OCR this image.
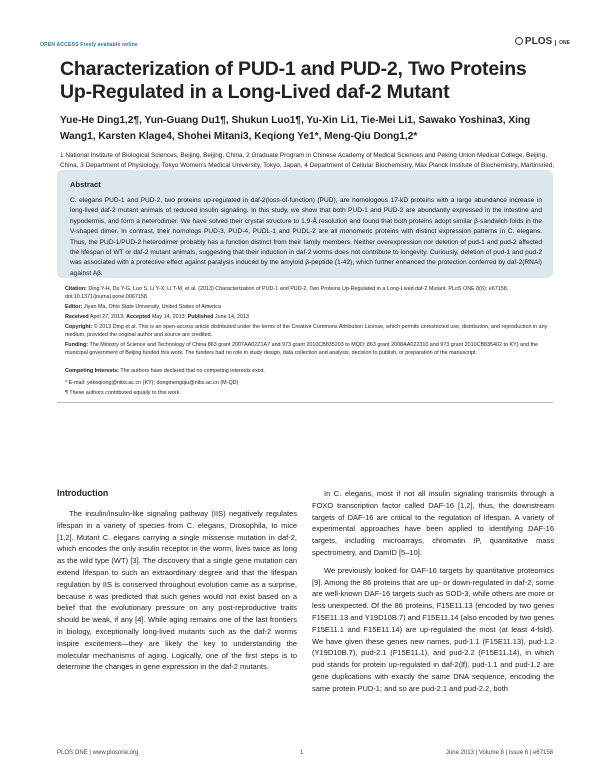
OPEN ACCESS Freely available online	PLOS ONE
Characterization of PUD-1 and PUD-2, Two Proteins Up-Regulated in a Long-Lived daf-2 Mutant
Yue-He Ding1,2¶, Yun-Guang Du1¶, Shukun Luo1¶, Yu-Xin Li1, Tie-Mei Li1, Sawako Yoshina3, Xing Wang1, Karsten Klage4, Shohei Mitani3, Keqiong Ye1*, Meng-Qiu Dong1,2*
1 National Institute of Biological Sciences, Beijing, Beijing, China, 2 Graduate Program in Chinese Academy of Medical Sciences and Peking Union Medical College, Beijing, China, 3 Department of Physiology, Tokyo Women's Medical University, Tokyo, Japan, 4 Department of Cellular Biochemistry, Max Planck Institute of Biochemistry, Martinsried,
Abstract
C. elegans PUD-1 and PUD-2, two proteins up-regulated in daf-2(loss-of-function) (PUD), are homologous 17-kD proteins with a large abundance increase in long-lived daf-2 mutant animals of reduced insulin signaling. In this study, we show that both PUD-1 and PUD-2 are abundantly expressed in the intestine and hypodermis, and form a heterodimer. We have solved their crystal structure to 1.9-Å resolution and found that both proteins adopt similar β-sandwich folds in the V-shaped dimer. In contrast, their homologs PUD-3, PUD-4, PUDL-1 and PUDL-2 are all monomeric proteins with distinct expression patterns in C. elegans. Thus, the PUD-1/PUD-2 heterodimer probably has a function distinct from their family members. Neither overexpression nor deletion of pud-1 and pud-2 affected the lifespan of WT or daf-2 mutant animals, suggesting that their induction in daf-2 worms does not contribute to longevity. Curiously, deletion of pud-1 and pud-2 was associated with a protective effect against paralysis induced by the amyloid β-peptide (1-42), which further enhanced the protection conferred by daf-2(RNAi) against Aβ.
Citation: Ding Y-H, Du Y-G, Luo S, Li Y-X, Li T-M, et al. (2013) Characterization of PUD-1 and PUD-2, Two Proteins Up-Regulated in a Long-Lived daf-2 Mutant. PLoS ONE 8(6): e67158. doi:10.1371/journal.pone.0067158
Editor: Jiyan Ma, Ohio State University, United States of America
Received April 27, 2013; Accepted May 14, 2013; Published June 14, 2013
Copyright: © 2013 Ding et al. This is an open-access article distributed under the terms of the Creative Commons Attribution License, which permits unrestricted use, distribution, and reproduction in any medium, provided the original author and source are credited.
Funding: The Ministry of Science and Technology of China 863 grant 2007AA02Z1A7 and 973 grant 2010CB835203 to MQD; 863 grant 2008AA022310 and 973 grant 2010CB835402 to KY) and the municipal government of Beijing funded this work. The funders had no role in study design, data collection and analysis, decision to publish, or preparation of the manuscript.
Competing Interests: The authors have declared that no competing interests exist.
* E-mail: yekeqiong@nibs.ac.cn (KY); dongmengqiu@nibs.ac.cn (M-QD)
¶ These authors contributed equally to this work.
Introduction

The insulin/insulin-like signaling pathway (IIS) negatively regulates lifespan in a variety of species from C. elegans, Drosophila, to mice [1,2]. Mutant C. elegans carrying a single missense mutation in daf-2, which encodes the only insulin receptor in the worm, lives twice as long as the wild type (WT) [3]. The discovery that a single gene mutation can extend lifespan to such an extraordinary degree and that the lifespan regulation by IIS is conserved throughout evolution came as a surprise, because it was predicted that such genes would not exist based on a belief that the evolutionary pressure on any post-reproductive traits should be weak, if any [4]. While aging remains one of the last frontiers in biology, exceptionally long-lived mutants such as the daf-2 worms inspire excitement—they are likely the key to understanding the molecular mechanisms of aging. Logically, one of the first steps is to determine the changes in gene expression in the daf-2 mutants.

In C. elegans, most if not all insulin signaling transmits through a FOXO transcription factor called DAF-16 [1,2], thus, the downstream targets of DAF-16 are critical to the regulation of lifespan. A variety of experimental approaches have been applied to identifying DAF-16 targets, including microarrays, chromatin IP, quantitative mass spectrometry, and DamID [5–10].

We previously looked for DAF-16 targets by quantitative proteomics [9]. Among the 86 proteins that are up- or down-regulated in daf-2, some are well-known DAF-16 targets such as SOD-3, while others are more or less unexpected. Of the 86 proteins, F15E11.13 (encoded by two genes F15E11.13 and Y19D10B.7) and F15E11.14 (also encoded by two genes F15E11.1 and F15E11.14) are up-regulated the most (at least 4-fold). We have given these genes new names, pud-1.1 (F15E11.13), pud-1.2 (Y19D10B.7), pud-2.1 (F15E11.1), and pud-2.2 (F15E11.14), in which pud stands for protein up-regulated in daf-2(lf). pud-1.1 and pud-1.2 are gene duplications with exactly the same DNA sequence, encoding the same protein PUD-1; and so are pud-2.1 and pud-2.2, both

PLOS ONE | www.plosone.org	1	June 2013 | Volume 8 | Issue 6 | e67158
